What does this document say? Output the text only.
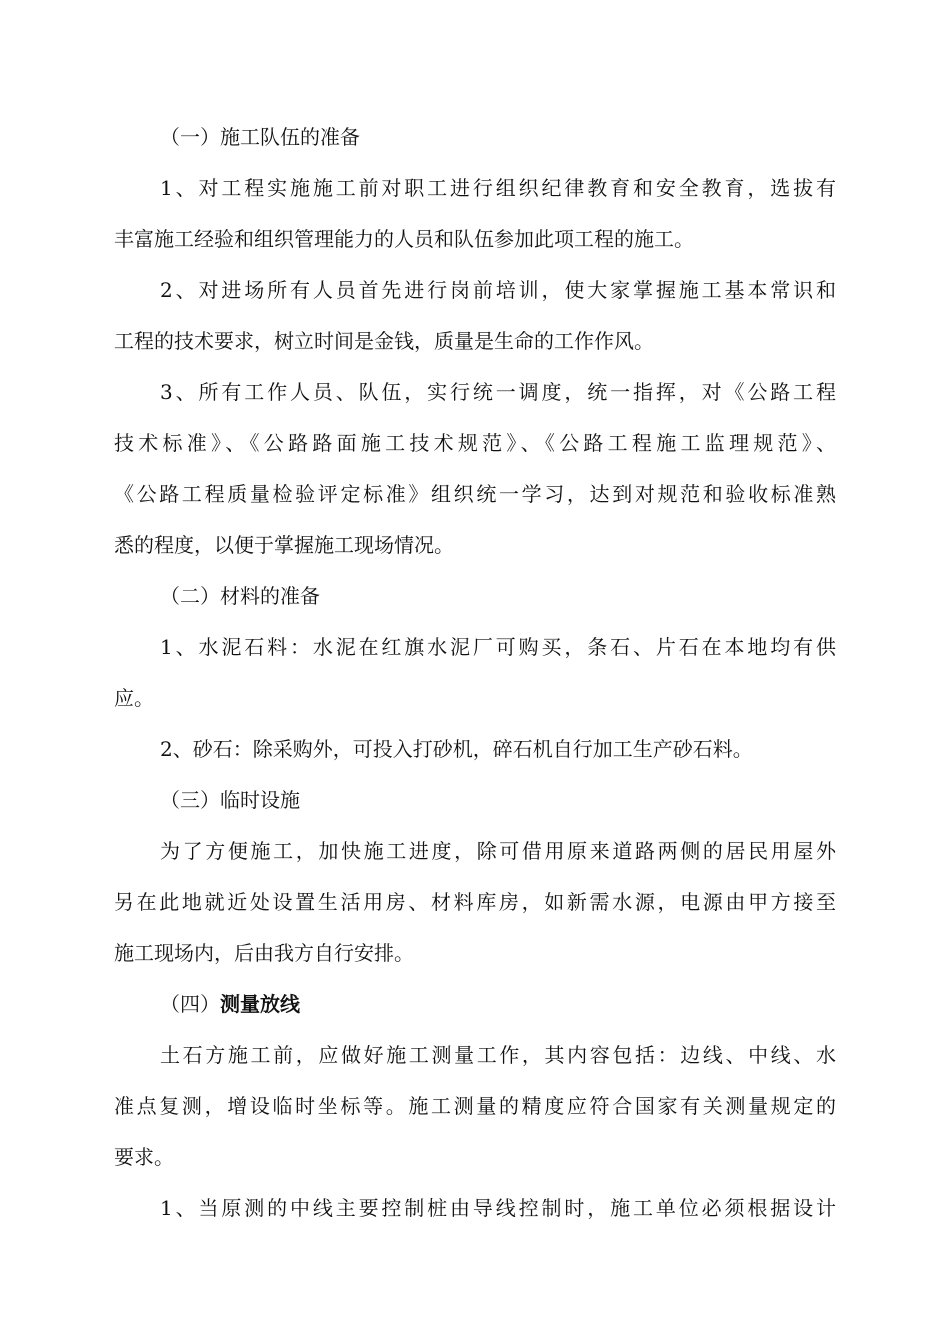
（一）施工队伍的准备
1、对工程实施施工前对职工进行组织纪律教育和安全教育，选拔有
丰富施工经验和组织管理能力的人员和队伍参加此项工程的施工。
2、对进场所有人员首先进行岗前培训，使大家掌握施工基本常识和
工程的技术要求，树立时间是金钱，质量是生命的工作作风。
3、所有工作人员、队伍，实行统一调度，统一指挥，对《公路工程
技术标准》、《公路路面施工技术规范》、《公路工程施工监理规范》、
《公路工程质量检验评定标准》组织统一学习，达到对规范和验收标准熟
悉的程度，以便于掌握施工现场情况。
（二）材料的准备
1、水泥石料：水泥在红旗水泥厂可购买，条石、片石在本地均有供
应。
2、砂石：除采购外，可投入打砂机，碎石机自行加工生产砂石料。
（三）临时设施
为了方便施工，加快施工进度，除可借用原来道路两侧的居民用屋外
另在此地就近处设置生活用房、材料库房，如新需水源，电源由甲方接至
施工现场内，后由我方自行安排。
（四）测量放线
土石方施工前，应做好施工测量工作，其内容包括：边线、中线、水
准点复测，增设临时坐标等。施工测量的精度应符合国家有关测量规定的
要求。
1、当原测的中线主要控制桩由导线控制时，施工单位必须根据设计
